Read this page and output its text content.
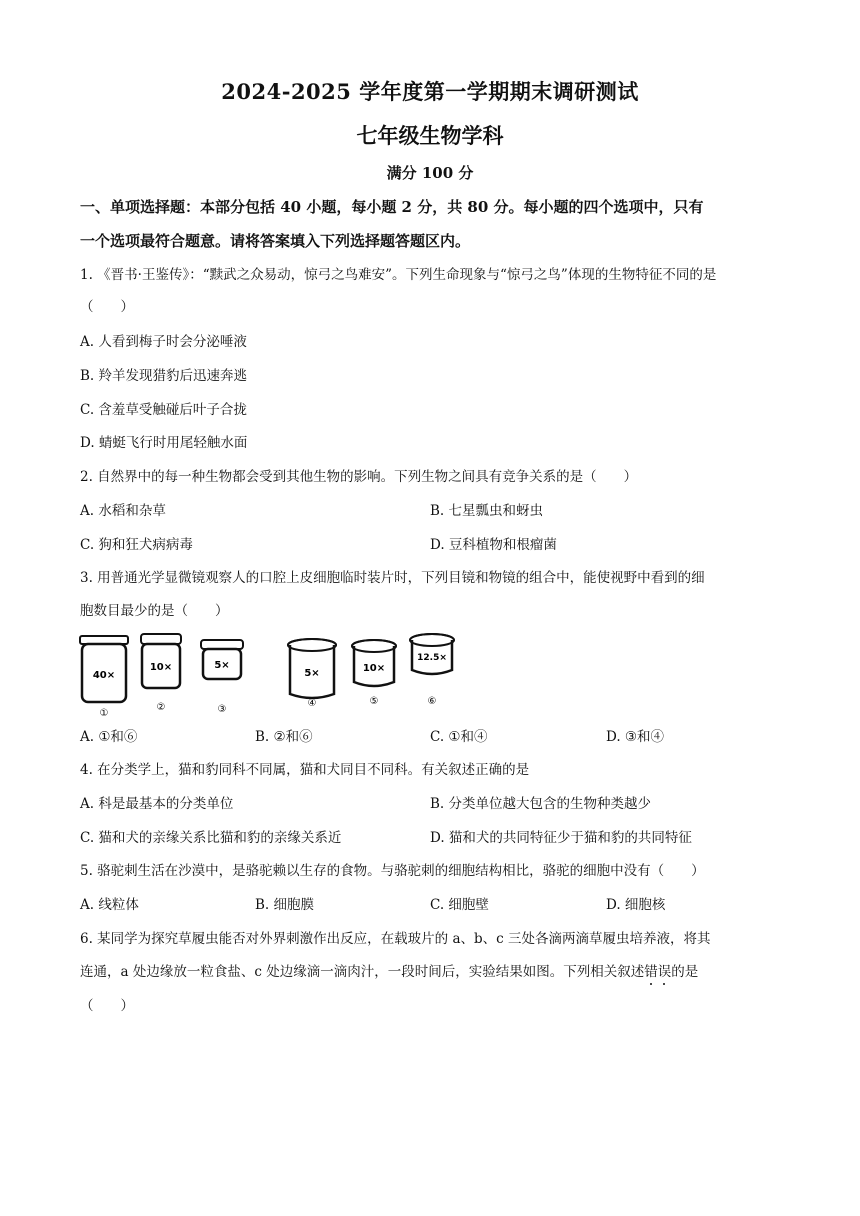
2024-2025 学年度第一学期期末调研测试
七年级生物学科
满分 100 分
一、单项选择题：本部分包括 40 小题，每小题 2 分，共 80 分。每小题的四个选项中，只有
一个选项最符合题意。请将答案填入下列选择题答题区内。
1. 《晋书·王鉴传》：“黩武之众易动，惊弓之鸟难安”。下列生命现象与“惊弓之鸟”体现的生物特征不同的是
（　　）
A. 人看到梅子时会分泌唾液
B. 羚羊发现猎豹后迅速奔逃
C. 含羞草受触碰后叶子合拢
D. 蜻蜓飞行时用尾轻触水面
2. 自然界中的每一种生物都会受到其他生物的影响。下列生物之间具有竞争关系的是（　　）
A. 水稻和杂草	B. 七星瓢虫和蚜虫
C. 狗和狂犬病病毒	D. 豆科植物和根瘤菌
3. 用普通光学显微镜观察人的口腔上皮细胞临时装片时，下列目镜和物镜的组合中，能使视野中看到的细
胞数目最少的是（　　）
40×
①
10×
②
5×
③
5×
④
10×
⑤
12.5×
⑥
A. ①和⑥	B. ②和⑥	C. ①和④	D. ③和④
4. 在分类学上，猫和豹同科不同属，猫和犬同目不同科。有关叙述正确的是
A. 科是最基本的分类单位	B. 分类单位越大包含的生物种类越少
C. 猫和犬的亲缘关系比猫和豹的亲缘关系近	D. 猫和犬的共同特征少于猫和豹的共同特征
5. 骆驼刺生活在沙漠中，是骆驼赖以生存的食物。与骆驼刺的细胞结构相比，骆驼的细胞中没有（　　）
A. 线粒体	B. 细胞膜	C. 细胞壁	D. 细胞核
6. 某同学为探究草履虫能否对外界刺激作出反应，在载玻片的 a、b、c 三处各滴两滴草履虫培养液，将其
连通，a 处边缘放一粒食盐、c 处边缘滴一滴肉汁，一段时间后，实验结果如图。下列相关叙述错
误
的是
（　　）
